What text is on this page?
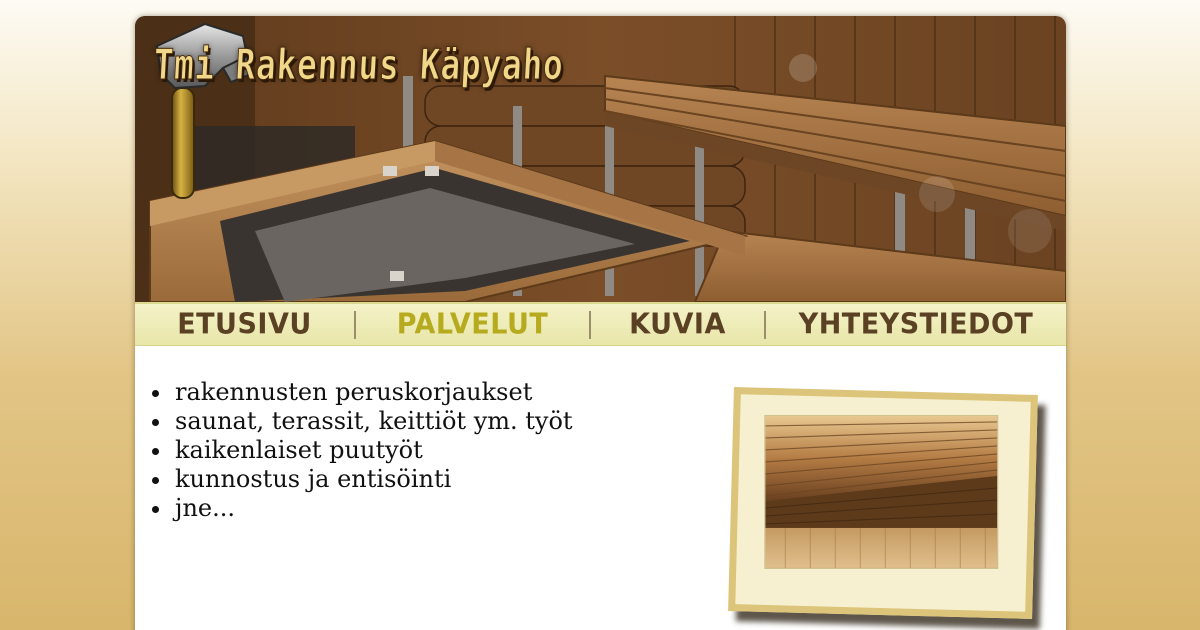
Tmi Rakennus Käpyaho
ETUSIVU	PALVELUT	KUVIA	YHTEYSTIEDOT
• rakennusten peruskorjaukset
• saunat, terassit, keittiöt ym. työt
• kaikenlaiset puutyöt
• kunnostus ja entisöinti
• jne...
